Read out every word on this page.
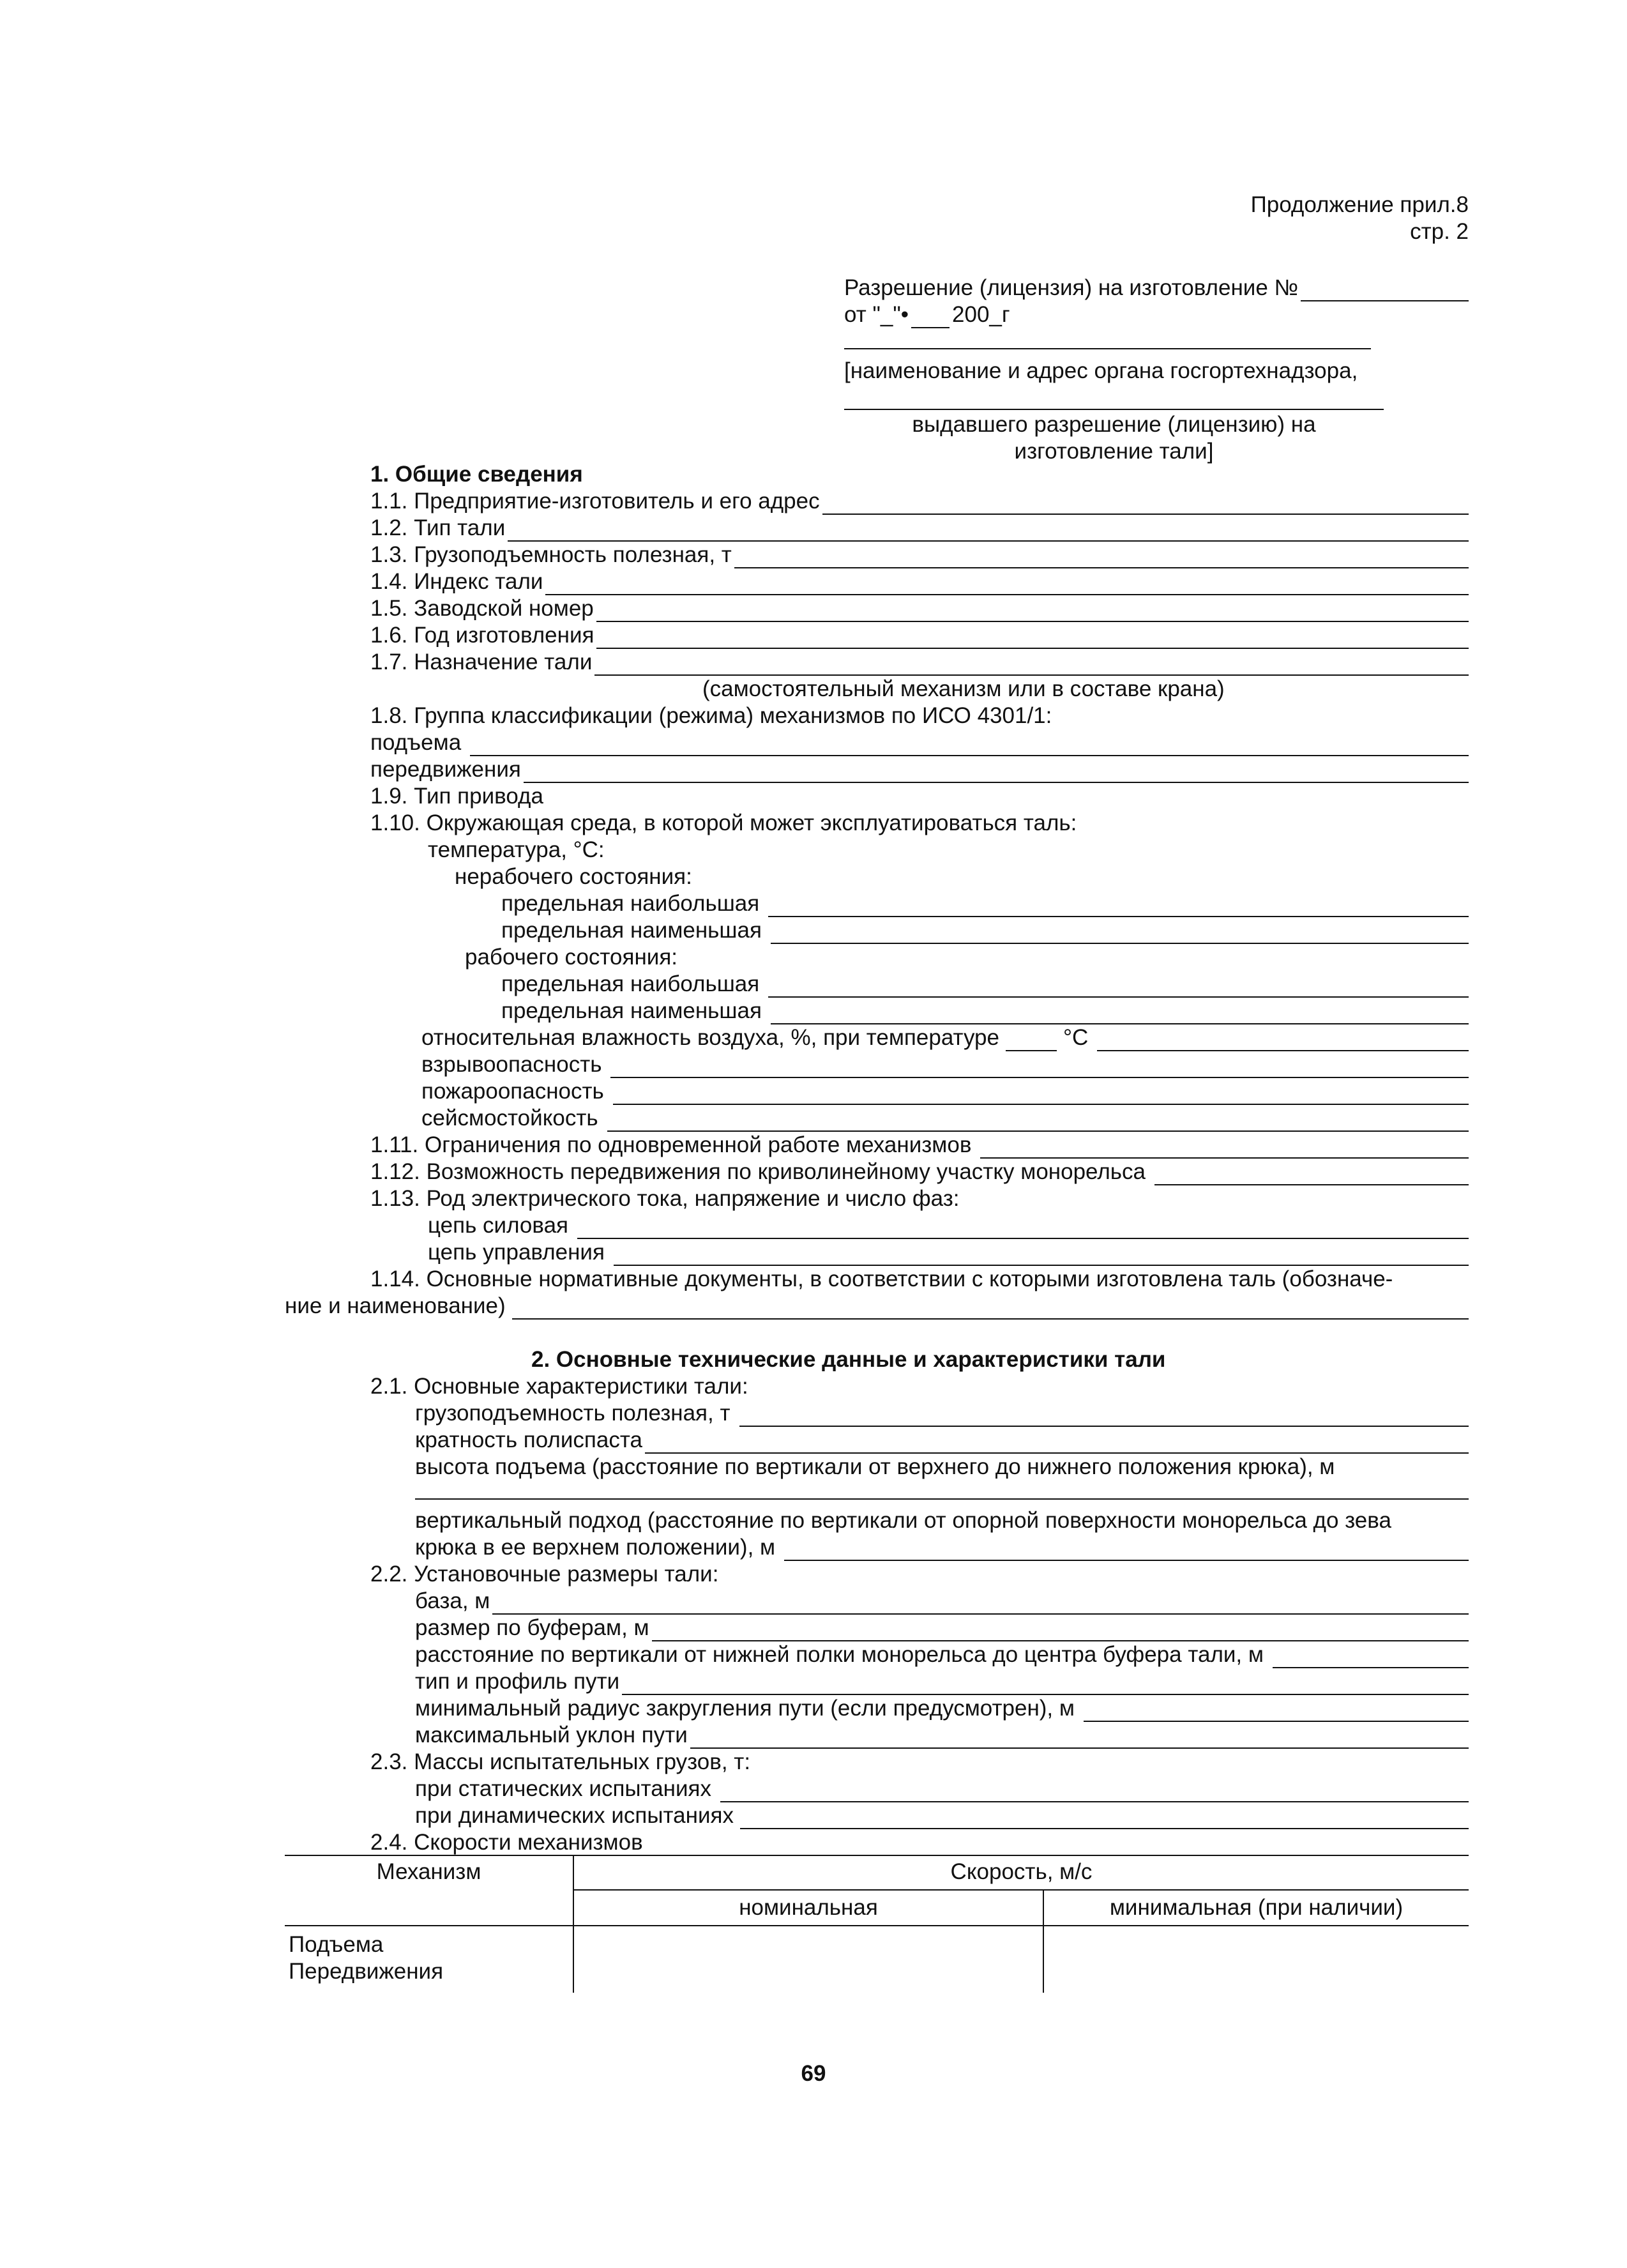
Продолжение прил.8
стр. 2
Разрешение (лицензия) на изготовление №
от "_"• 200_г
[наименование и адрес органа госгортехнадзора,
выдавшего разрешение (лицензию) на
изготовление тали]
1. Общие сведения
1.1. Предприятие-изготовитель и его адрес
1.2. Тип тали
1.3. Грузоподъемность полезная, т
1.4. Индекс тали
1.5. Заводской номер
1.6. Год изготовления
1.7. Назначение тали
(самостоятельный механизм или в составе крана)
1.8. Группа классификации (режима) механизмов по ИСО 4301/1:
подъема
передвижения
1.9. Тип привода
1.10. Окружающая среда, в которой может эксплуатироваться таль:
температура, °С:
нерабочего состояния:
предельная наибольшая
предельная наименьшая
рабочего состояния:
предельная наибольшая
предельная наименьшая
относительная влажность воздуха, %, при температуре	°С
взрывоопасность
пожароопасность
сейсмостойкость
1.11. Ограничения по одновременной работе механизмов
1.12. Возможность передвижения по криволинейному участку монорельса
1.13. Род электрического тока, напряжение и число фаз:
цепь силовая
цепь управления
1.14. Основные нормативные документы, в соответствии с которыми изготовлена таль (обозначе-
ние и наименование)
2. Основные технические данные и характеристики тали
2.1. Основные характеристики тали:
грузоподъемность полезная, т
кратность полиспаста
высота подъема (расстояние по вертикали от верхнего до нижнего положения крюка), м
вертикальный подход (расстояние по вертикали от опорной поверхности монорельса до зева
крюка в ее верхнем положении), м
2.2. Установочные размеры тали:
база, м
размер по буферам, м
расстояние по вертикали от нижней полки монорельса до центра буфера тали, м
тип и профиль пути
минимальный радиус закругления пути (если предусмотрен), м
максимальный уклон пути
2.3. Массы испытательных грузов, т:
при статических испытаниях
при динамических испытаниях
2.4. Скорости механизмов
Механизм	Скорость, м/с
номинальная	минимальная (при наличии)
Подъема
Передвижения
69
